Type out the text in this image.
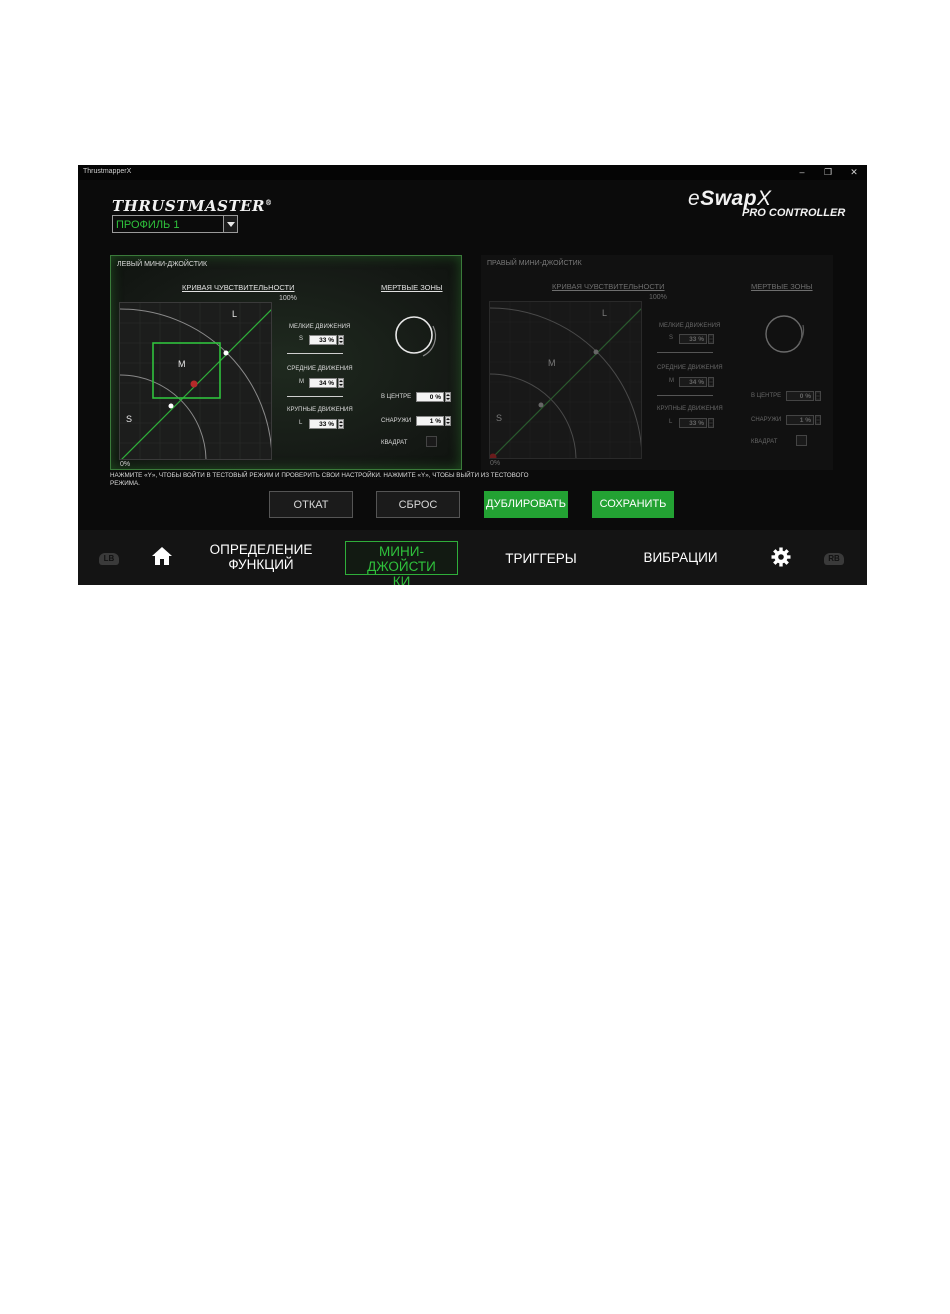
ThrustmapperX	–	❐	✕
THRUSTMASTER®
ПРОФИЛЬ 1
eSwapX
PRO CONTROLLER
ЛЕВЫЙ МИНИ-ДЖОЙСТИК
КРИВАЯ ЧУВСТВИТЕЛЬНОСТИ	МЕРТВЫЕ ЗОНЫ
100%
L
M
S
0%
МЕЛКИЕ ДВИЖЕНИЯ
S	33 %
СРЕДНИЕ ДВИЖЕНИЯ
M	34 %
КРУПНЫЕ ДВИЖЕНИЯ
L	33 %
В ЦЕНТРЕ	0 %
СНАРУЖИ	1 %
КВАДРАТ
ПРАВЫЙ МИНИ-ДЖОЙСТИК
КРИВАЯ ЧУВСТВИТЕЛЬНОСТИ	МЕРТВЫЕ ЗОНЫ
100%
L
M
S
0%
МЕЛКИЕ ДВИЖЕНИЯ
S	33 %
СРЕДНИЕ ДВИЖЕНИЯ
M	34 %
КРУПНЫЕ ДВИЖЕНИЯ
L	33 %
В ЦЕНТРЕ	0 %
СНАРУЖИ	1 %
КВАДРАТ
НАЖМИТЕ «Y», ЧТОБЫ ВОЙТИ В ТЕСТОВЫЙ РЕЖИМ И ПРОВЕРИТЬ СВОИ НАСТРОЙКИ. НАЖМИТЕ «Y», ЧТОБЫ ВЫЙТИ ИЗ ТЕСТОВОГО РЕЖИМА.
ОТКАТ	СБРОС	ДУБЛИРОВАТЬ	СОХРАНИТЬ
LB
ОПРЕДЕЛЕНИЕ
ФУНКЦИЙ
МИНИ-ДЖОЙСТИ
КИ
ТРИГГЕРЫ	ВИБРАЦИИ	RB
